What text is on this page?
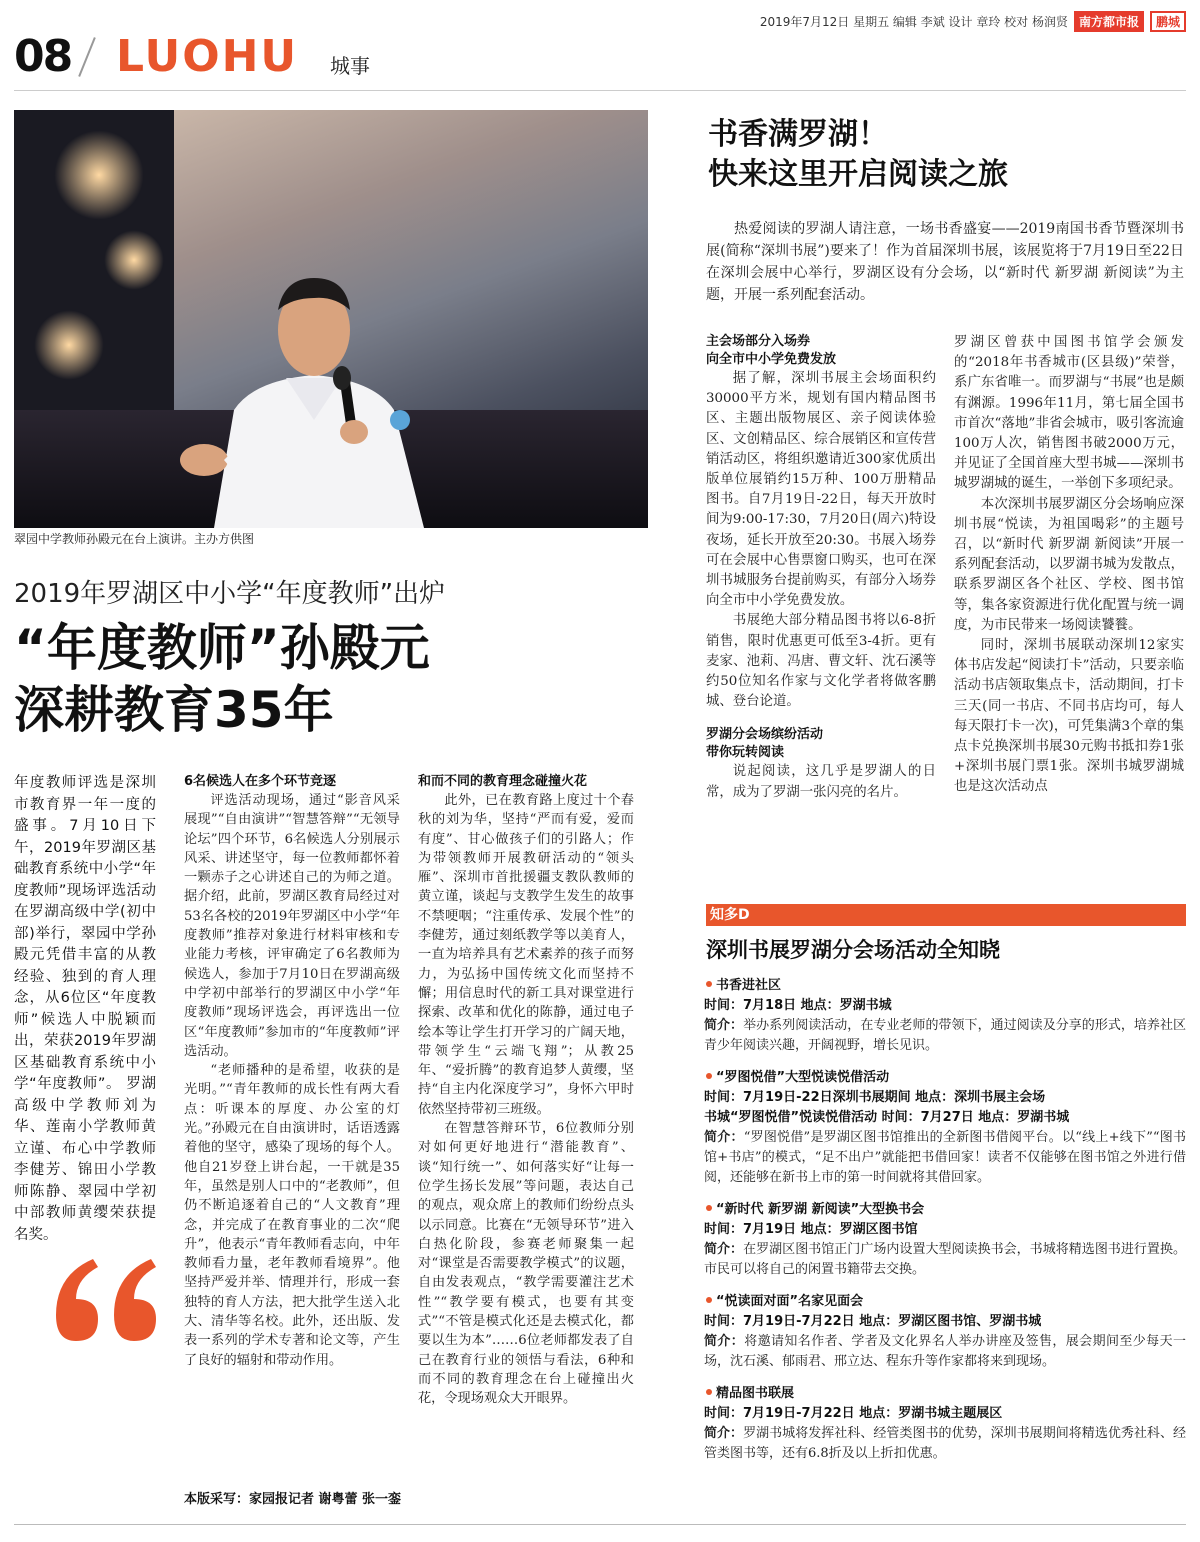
2019年7月12日 星期五 编辑 李斌 设计 章玲 校对 杨润贤 南方都市报	鹏城
08 LUOHU 城事
翠园中学教师孙殿元在台上演讲。主办方供图
2019年罗湖区中小学“年度教师”出炉
“年度教师”孙殿元
深耕教育35年
年度教师评选是深圳市教育界一年一度的盛事。7月10日下午，2019年罗湖区基础教育系统中小学“年度教师”现场评选活动在罗湖高级中学(初中部)举行，翠园中学孙殿元凭借丰富的从教经验、独到的育人理念，从6位区“年度教师”候选人中脱颖而出，荣获2019年罗湖区基础教育系统中小学“年度教师”。 罗湖高级中学教师刘为华、莲南小学教师黄立谨、布心中学教师李健芳、锦田小学教师陈静、翠园中学初中部教师黄缨荣获提名奖。
6名候选人在多个环节竞逐

评选活动现场，通过“影音风采展现”“自由演讲”“智慧答辩”“无领导论坛”四个环节，6名候选人分别展示风采、讲述坚守，每一位教师都怀着一颗赤子之心讲述自己的为师之道。据介绍，此前，罗湖区教育局经过对53名各校的2019年罗湖区中小学“年度教师”推荐对象进行材料审核和专业能力考核，评审确定了6名教师为候选人，参加于7月10日在罗湖高级中学初中部举行的罗湖区中小学“年度教师”现场评选会，再评选出一位区“年度教师”参加市的“年度教师”评选活动。

“老师播种的是希望，收获的是光明。”“青年教师的成长性有两大看点：听课本的厚度、办公室的灯光。”孙殿元在自由演讲时，话语透露着他的坚守，感染了现场的每个人。他自21岁登上讲台起，一干就是35年，虽然是别人口中的“老教师”，但仍不断追逐着自己的“人文教育”理念，并完成了在教育事业的二次“爬升”，他表示“青年教师看志向，中年教师看力量，老年教师看境界”。他坚持严爱并举、情理并行，形成一套独特的育人方法，把大批学生送入北大、清华等名校。此外，还出版、发表一系列的学术专著和论文等，产生了良好的辐射和带动作用。

和而不同的教育理念碰撞火花

此外，已在教育路上度过十个春秋的刘为华，坚持“严而有爱，爱而有度”、甘心做孩子们的引路人；作为带领教师开展教研活动的“领头雁”、深圳市首批援疆支教队教师的黄立谨，谈起与支教学生发生的故事不禁哽咽；“注重传承、发展个性”的李健芳，通过刻纸教学等以美育人，一直为培养具有艺术素养的孩子而努力，为弘扬中国传统文化而坚持不懈；用信息时代的新工具对课堂进行探索、改革和优化的陈静，通过电子绘本等让学生打开学习的广阔天地，带领学生“云端飞翔”；从教25年、“爱折腾”的教育追梦人黄缨，坚持“自主内化深度学习”，身怀六甲时依然坚持带初三班级。

在智慧答辩环节，6位教师分别对如何更好地进行“潜能教育”、谈“知行统一”、如何落实好“让每一位学生扬长发展”等问题，表达自己的观点，观众席上的教师们纷纷点头以示同意。比赛在“无领导环节”进入白热化阶段，参赛老师聚集一起对“课堂是否需要教学模式”的议题，自由发表观点，“教学需要灌注艺术性”“教学要有模式，也要有其变式”“不管是模式化还是去模式化，都要以生为本”……6位老师都发表了自己在教育行业的领悟与看法，6种和而不同的教育理念在台上碰撞出火花，令现场观众大开眼界。

本版采写：家园报记者 谢粤蕾 张一銮
书香满罗湖！
快来这里开启阅读之旅

热爱阅读的罗湖人请注意，一场书香盛宴——2019南国书香节暨深圳书展(简称“深圳书展”)要来了！作为首届深圳书展，该展览将于7月19日至22日在深圳会展中心举行，罗湖区设有分会场，以“新时代 新罗湖 新阅读”为主题，开展一系列配套活动。

主会场部分入场券
向全市中小学免费发放

据了解，深圳书展主会场面积约30000平方米，规划有国内精品图书区、主题出版物展区、亲子阅读体验区、文创精品区、综合展销区和宣传营销活动区，将组织邀请近300家优质出版单位展销约15万种、100万册精品图书。自7月19日-22日，每天开放时间为9:00-17:30，7月20日(周六)特设夜场，延长开放至20:30。书展入场券可在会展中心售票窗口购买，也可在深圳书城服务台提前购买，有部分入场券向全市中小学免费发放。

书展绝大部分精品图书将以6-8折销售，限时优惠更可低至3-4折。更有麦家、池莉、冯唐、曹文轩、沈石溪等约50位知名作家与文化学者将做客鹏城、登台论道。

罗湖分会场缤纷活动
带你玩转阅读

说起阅读，这几乎是罗湖人的日常，成为了罗湖一张闪亮的名片。

罗湖区曾获中国图书馆学会颁发的“2018年书香城市(区县级)”荣誉，系广东省唯一。而罗湖与“书展”也是颇有渊源。1996年11月，第七届全国书市首次“落地”非省会城市，吸引客流逾100万人次，销售图书破2000万元，并见证了全国首座大型书城——深圳书城罗湖城的诞生，一举创下多项纪录。

本次深圳书展罗湖区分会场响应深圳书展“悦读，为祖国喝彩”的主题号召，以“新时代 新罗湖 新阅读”开展一系列配套活动，以罗湖书城为发散点，联系罗湖区各个社区、学校、图书馆等，集各家资源进行优化配置与统一调度，为市民带来一场阅读饕餮。

同时，深圳书展联动深圳12家实体书店发起“阅读打卡”活动，只要亲临活动书店领取集点卡，活动期间，打卡三天(同一书店、不同书店均可，每人每天限打卡一次)，可凭集满3个章的集点卡兑换深圳书展30元购书抵扣券1张+深圳书展门票1张。深圳书城罗湖城也是这次活动点

知多D
深圳书展罗湖分会场活动全知晓
书香进社区
时间：7月18日 地点：罗湖书城
简介：举办系列阅读活动，在专业老师的带领下，通过阅读及分享的形式，培养社区青少年阅读兴趣，开阔视野，增长见识。
“罗图悦借”大型悦读悦借活动
时间：7月19日-22日深圳书展期间 地点：深圳书展主会场
书城“罗图悦借”悦读悦借活动 时间：7月27日 地点：罗湖书城
简介：“罗图悦借”是罗湖区图书馆推出的全新图书借阅平台。以“线上+线下”“图书馆+书店”的模式，“足不出户”就能把书借回家！读者不仅能够在图书馆之外进行借阅，还能够在新书上市的第一时间就将其借回家。
“新时代 新罗湖 新阅读”大型换书会
时间：7月19日 地点：罗湖区图书馆
简介：在罗湖区图书馆正门广场内设置大型阅读换书会，书城将精选图书进行置换。市民可以将自己的闲置书籍带去交换。
“悦读面对面”名家见面会
时间：7月19日-7月22日 地点：罗湖区图书馆、罗湖书城
简介：将邀请知名作者、学者及文化界名人举办讲座及签售，展会期间至少每天一场，沈石溪、郁雨君、邢立达、程东升等作家都将来到现场。
精品图书联展
时间：7月19日-7月22日 地点：罗湖书城主题展区
简介：罗湖书城将发挥社科、经管类图书的优势，深圳书展期间将精选优秀社科、经管类图书等，还有6.8折及以上折扣优惠。
